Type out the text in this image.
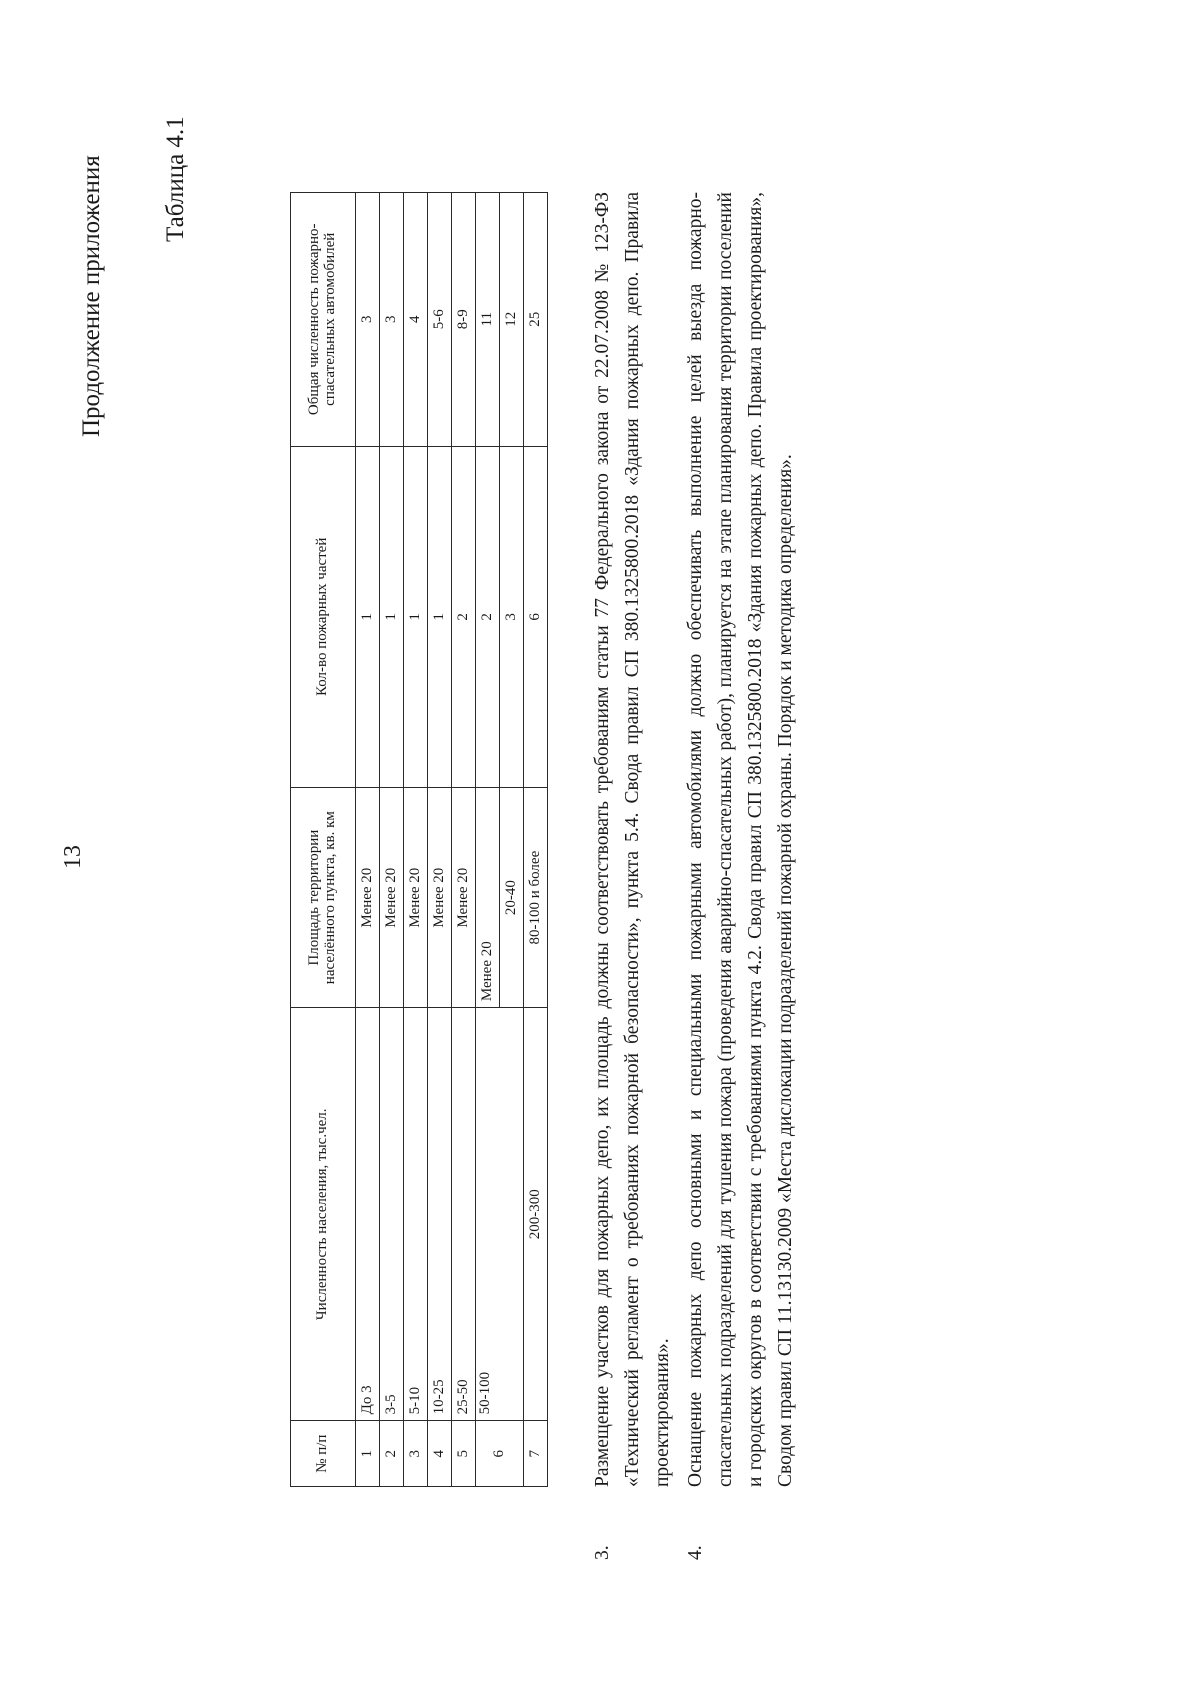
13
Продолжение приложения Таблица 4.1
№ п/п	Численность населения, тыс.чел.	Площадь территории населённого пункта, кв. км	Кол-во пожарных частей	Общая численность пожарно-спасательных автомобилей
1	До 3	Менее 20	1	3
2	3-5	Менее 20	1	3
3	5-10	Менее 20	1	4
4	10-25	Менее 20	1	5-6
5	25-50	Менее 20	2	8-9
6	50-100	Менее 20	2	11
		20-40	3	12
7	200-300	80-100 и более	6	25
3.
Размещение участков для пожарных депо, их площадь должны соответствовать требованиям статьи 77 Федерального закона от 22.07.2008 № 123-ФЗ «Технический регламент о требованиях пожарной безопасности», пункта 5.4. Свода правил СП 380.1325800.2018 «Здания пожарных депо. Правила проектирования».
4.
Оснащение пожарных депо основными и специальными пожарными автомобилями должно обеспечивать выполнение целей выезда пожарно-спасательных подразделений для тушения пожара (проведения аварийно-спасательных работ), планируется на этапе планирования территории поселений и городских округов в соответствии с требованиями пункта 4.2. Свода правил СП 380.1325800.2018 «Здания пожарных депо. Правила проектирования», Сводом правил СП 11.13130.2009 «Места дислокации подразделений пожарной охраны. Порядок и методика определения».
